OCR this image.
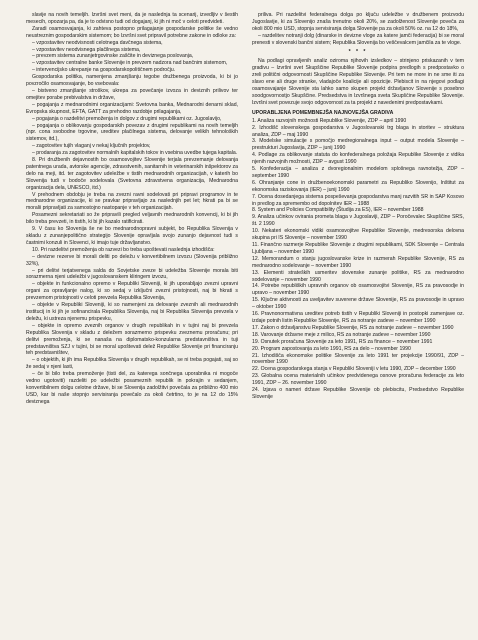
slavije na novih temeljih. Izvršni svet meni, da je naslednja ta scenarij, izvedljiv v šestih mesecih, opozarja pa, da je to odvisno tudi od dogajanj, ki jih ni moč v celoti predvideti.

Zaradi osamosvajanja, ki zahteva postopno prilagajanje gospodarske politike še vedno neustreznim gospodarskim sistemom; bo Izvršni svet pripravil potrebne zakone in odlokе za:

– vzpostavitev neodvisnosti celotnega davčnega sistema,

– vzpostavitev neodvisnega plačilnega sistema,

– prevzem sistema zunanjetrgovinske zaščite in deviznega poslovanja,

– vzpostavitev centralne banke Slovenije in prevzem nadzora nad bančnim sistemom,

– intervencijsko ukrepanje na gospodarskopolitičnem področju.

Gospodarska politika, namenjena zmanjšanju tegobe družbenega proizvoda, ki bi jo povzročilo osamosvajanje, bo vsebovala:

– bistveno zmanjšanje stroškov, ukrepa za povečanje izvoza in deviznih prilivov ter omejitev porabe prebivalstva in države,

– pogajanja z mednarodnimi organizacijami: Svetovna banka, Mednarodni denarni sklad, Evropska skupnost, EFTA, GATT za prehodno razdobje prilagajanja,

– pogajanja o razdelitvi premoženja in dolgov z drugimi republikami oz. Jugoslavijo,

– pogajanja o oblikovanju gospodarskih povezav z drugimi republikami na novih temeljih (npr. cona svobodne trgovine, ureditev plačilnega sistema, delovanje velikih tehnoloških sistemov, itd.),

– zagotovitev tujih vlaganj v nekaj ključnih projektov,

– prodaranja za zagotovitev normalnih kapitalskih tokov in vsebina uvedbe tujega kapitala.

8. Pri družbenih dejavnostih bo osamosvojitev Slovenije terjala prevzemanje delovanja patentnega urada, avtorske agencije, zdravstvenih, sanitarnih in veterinarskih inšpektorov za delo na meji, itd. ter zagotovitev udeležbe v tistih mednarodnih organizacijah, v katerih bo Slovenija tudi v bodoče sodelovala (Svetovna zdravstvena organizacija, Mednarodna organizacija dela, UNESCO, itd.)

V prehodnem obdobju je treba na zvezni ravni sodelovati pri pripravi programov in te mednarodne organizacije, ki se pravkar pripravljajo za naslednjih pet let; hkrati pa bi se moralii pripravljati za samostojno nastopanje v teh organizacijah.

Posamezni sekretariati so že pripravili pregled veljavnih mednarodnih konvencij, ki bi jih bilo treba prevzeti, in tistih, ki bi jih kazalo ratificirati.

9. V času ko Slovenija še ne bo mednarodnopravni subjekt, bo Republika Slovenija v skladu z zunanjepolitično strategijo Slovenije opravljala svojo zunanjo dejavnost tudi s častnimi konzuli in Slovenci, ki imajo tuje državljanstvo.

10. Pri razdelitvi premoženja ob razvezi bo treba upoštevati naslednja izhodišča:

– devizne rezerve bi morali deliti po deležu v konvertibilnem izvozu (Slovenija približno 32%),

– pri delitvi terjatvenega salda do Sovjetske zveze bi udeležba Slovenije morala biti sorazmerna njeni udeležbi v jugoslovanskem kliringem izvozu,

– objekte in funkcionalno opremo v Republiki Sloveniji, ki jih uporabljajo zvezni upravni organi za opravljanje nalog, ki so sedaj v izključni zvezni pristojnosti, naj bi hkrati s prevzemom pristojnosti v celoti prevzela Republika Slovenija,

– objekte v Republiki Sloveniji, ki so namenjeni za delovanje zveznih ali mednarodnih institucij in ki jih je sofinancirala Republika Slovenija, naj bi Republika Slovenija prevzela v deležu, ki ustreza njenemu prispevku,

– objekte in opremo zveznih organov v drugih republikah in v tujini naj bi prevzela Republika Slovenija v skladu z deležem sorazmerno prispevku zveznemu proračunu; pri delitvi premoženja, ki se nanaša na diplomatsko-konzularna predstavništva in tuji predstavništva SZJ v tujini, bi se moral upoštevati delež Republike Slovenije pri financiranju teh predstavništev,

– o objektih, ki jih ima Republika Slovenija v drugih republikah, se ni treba pogajati, saj so že sedaj v njeni lasti,

– če bi bilo treba premoženje (tisti del, za katerega sončnega uporabnika ni mogoče vedno ugotoviti) razdeliti po udeležbi posameznih republik in pokrajin v sedanjem, konvertibilnem dolgu celotne države, bi se Slovenija zadolžitvi povečala za približno 400 mio USD, kar bi naše stopnjo servisiranja povečalo za okoli četrtino, to je na 12 do 15% deviznega

priliva. Pri razdelitvi federalnega dolga po ključu udeležbe v družbenem proizvodu Jugoslavije, ki za Slovenijo znaša trenutno okoli 20%, se zadolženost Slovenije poveča za okoli 800 mio USD, stopnja servisiranja dolga Slovenije pa za okoli 50% oz. na 12 do 18%,

– razdelitev notranji dolg (dinarske in devizne vloge za katere jamči federacija) bi se moral prenesti v slovenski bančni sistem; Republika Slovenija bo veščevalcem jamčila za te vloge.

* * *

Na podlagi opravljenih analiz oziroma njihovih izsledkov – strinjeno priskazanih v tem gradivu – Izvršni svet Skupščine Republike Slovenije podpira predlogih s predpostavko o zreli politični odgovornosti Skupščine Republike Slovenije. Pri tem ne more in ne sme iti za slavo ene ali druge stranke, vladajoče koalicije ali opozicije. Plebiscit in na njegovi podlagi osamosvajanje Slovenije sta lahko samo skupen projekt državljanov Slovenije s posebno soodgovornostjo Skupščine. Predsedstva in Izvršnega sveta Skupščine Republike Slovenije. Izvršni svet povezuje svojo odgovornost za ta projekt z navedenimi predpostavkami.

UPORABLJENA POMEMBNEJŠA NAJNOVEJŠA GRADIVA

1. Analiza razvojnih možnosti Republike Slovenije, ZDP – april 1990

2. Izhodišč slovenskega gospodarstva v Jugoslovanski trg blaga in storitev – struktura analiza, ZDP – maj 1990

3. Modelske simulacije s pomočjo medregionalnega input – output modela Slovenije – prestrukturi Jugoslavija, ZDP – junij 1990

4. Podlage za oblikovanje statuta do konfederalnega položaja Republike Slovenije z vidika njenih razvojnih možnosti, ZDP – avgust 1990

5. Konfederacija – analiza z dvoregionalnim modelom splošnega ravnotežja, ZDP – september 1990

6. Ohranjanje cone in družbenoekonomski parametri za Republiko Slovenijo, Inštitut za ekonomska raziskovanja (IER) – junij 1990

7. Ocena dosedanjega sistema pospeševanja gospodarstva manj razvitih SR in SAP Kosovo in predlog za spremembo od dopolnitev IER – 1988

8. System and Policies Compatibility (Študija za ES), IER – november 1988

9. Analiza učinkov ovirania prometa blaga v Jugoslaviji, ZDP – Poročevalec Skupščine SRS, št. 2 1990

10. Nekateri ekonomski vidiki osamosvojitve Republike Slovenije, medresorska delovna skupina pri IS Slovenije – november 1990

11. Finančno razmerje Republike Slovenije z drugimi republikami, SDK Slovenije – Centrala Ljubljana – november 1990

12. Memorandum o stanju jugoslovanske krize in razmerah Republike Slovenije, RS za mednarodno sodelovanje – november 1990

13. Elementi strateških usmeritev slovenske zunanje politike, RS za mednarodno sodelovanje – november 1990

14. Potrebe republiških upravnih organov ob osamosvojitvi Slovenije, RS za pravosodje in upravo – november 1990

15. Ključne aktivnosti za uveljavitev suverene države Slovenije, RS za pravosodje in upravo – oktober 1990

16. Pravnonormativna ureditev potreb tistih v Republiki Sloveniji in postopki zamenjave oz. izdaje potnih listin Republike Slovenije, RS za notranje zadeve – november 1990

17. Zakon o državljanstvu Republike Slovenije, RS za notranje zadeve – november 1990

18. Varovanje državne meje z milico, RS za notranje zadeve – november 1990

19. Osnutek proračuna Slovenije za leto 1991, RS za finance – november 1991

20. Program zapostovanja za leto 1991, RS za delo – november 1990

21. Izhodišča ekonomske politike Slovenije za leto 1991 ter projekcije 1990/91, ZDP – november 1990

22. Ocena gospodarskega stanja v Republiki Sloveniji v letu 1990, ZDP – december 1990

23. Globalna ocena materialnih učinkov predvidenega osnove proračuna federacije za leto 1991, ZDP – 26. november 1990

24. Izjava o nameri države Republike Slovenije ob plebiscitu, Predsedstvo Republike Slovenije
